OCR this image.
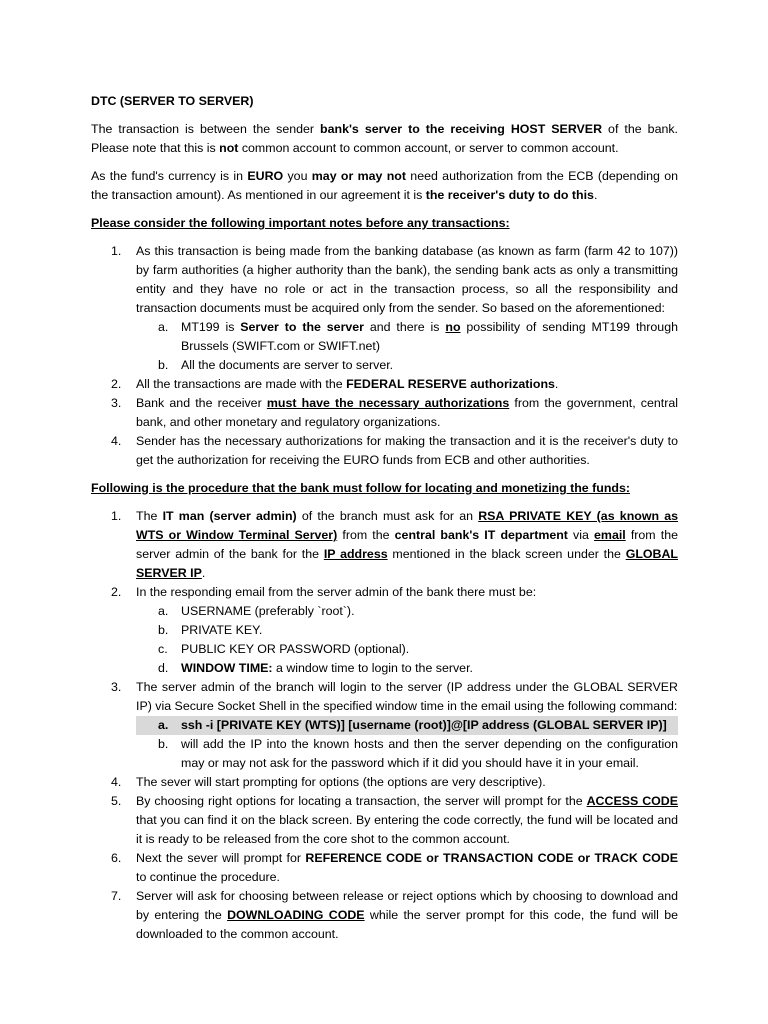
DTC (SERVER TO SERVER)

The transaction is between the sender bank's server to the receiving HOST SERVER of the bank. Please note that this is not common account to common account, or server to common account.

As the fund's currency is in EURO you may or may not need authorization from the ECB (depending on the transaction amount). As mentioned in our agreement it is the receiver's duty to do this.

Please consider the following important notes before any transactions:

1. As this transaction is being made from the banking database (as known as farm (farm 42 to 107)) by farm authorities (a higher authority than the bank), the sending bank acts as only a transmitting entity and they have no role or act in the transaction process, so all the responsibility and transaction documents must be acquired only from the sender. So based on the aforementioned:
a. MT199 is Server to the server and there is no possibility of sending MT199 through Brussels (SWIFT.com or SWIFT.net)
b. All the documents are server to server.
2. All the transactions are made with the FEDERAL RESERVE authorizations.
3. Bank and the receiver must have the necessary authorizations from the government, central bank, and other monetary and regulatory organizations.
4. Sender has the necessary authorizations for making the transaction and it is the receiver's duty to get the authorization for receiving the EURO funds from ECB and other authorities.

Following is the procedure that the bank must follow for locating and monetizing the funds:

1. The IT man (server admin) of the branch must ask for an RSA PRIVATE KEY (as known as WTS or Window Terminal Server) from the central bank's IT department via email from the server admin of the bank for the IP address mentioned in the black screen under the GLOBAL SERVER IP.
2. In the responding email from the server admin of the bank there must be:
a. USERNAME (preferably `root`).
b. PRIVATE KEY.
c. PUBLIC KEY OR PASSWORD (optional).
d. WINDOW TIME: a window time to login to the server.
3. The server admin of the branch will login to the server (IP address under the GLOBAL SERVER IP) via Secure Socket Shell in the specified window time in the email using the following command:
a. ssh -i [PRIVATE KEY (WTS)] [username (root)]@[IP address (GLOBAL SERVER IP)]
b. will add the IP into the known hosts and then the server depending on the configuration may or may not ask for the password which if it did you should have it in your email.
4. The sever will start prompting for options (the options are very descriptive).
5. By choosing right options for locating a transaction, the server will prompt for the ACCESS CODE that you can find it on the black screen. By entering the code correctly, the fund will be located and it is ready to be released from the core shot to the common account.
6. Next the sever will prompt for REFERENCE CODE or TRANSACTION CODE or TRACK CODE to continue the procedure.
7. Server will ask for choosing between release or reject options which by choosing to download and by entering the DOWNLOADING CODE while the server prompt for this code, the fund will be downloaded to the common account.
